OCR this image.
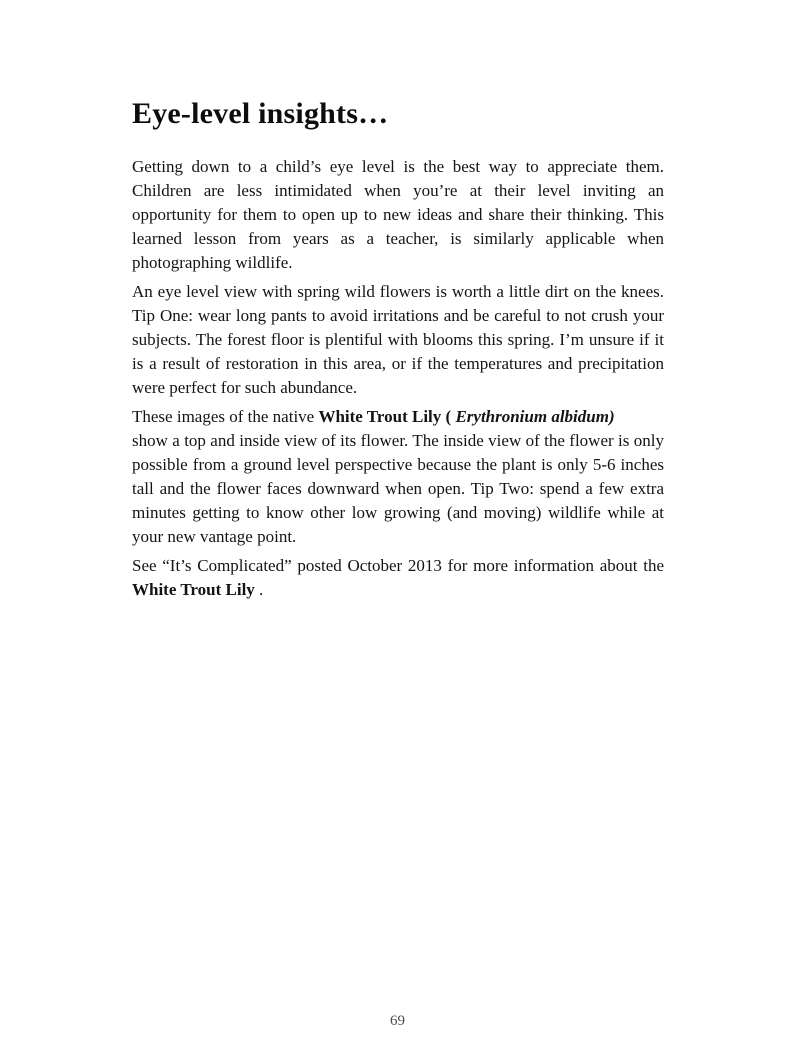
Eye-level insights…

Getting down to a child’s eye level is the best way to appreciate them. Children are less intimidated when you’re at their level inviting an opportunity for them to open up to new ideas and share their thinking. This learned lesson from years as a teacher, is similarly applicable when photographing wildlife.

An eye level view with spring wild flowers is worth a little dirt on the knees. Tip One: wear long pants to avoid irritations and be careful to not crush your subjects. The forest floor is plentiful with blooms this spring. I’m unsure if it is a result of restoration in this area, or if the temperatures and precipitation were perfect for such abundance.

These images of the native White Trout Lily ( Erythronium albidum)
show a top and inside view of its flower. The inside view of the flower is only possible from a ground level perspective because the plant is only 5-6 inches tall and the flower faces downward when open. Tip Two: spend a few extra minutes getting to know other low growing (and moving) wildlife while at your new vantage point.

See “It’s Complicated” posted October 2013 for more information about the White Trout Lily .

69
